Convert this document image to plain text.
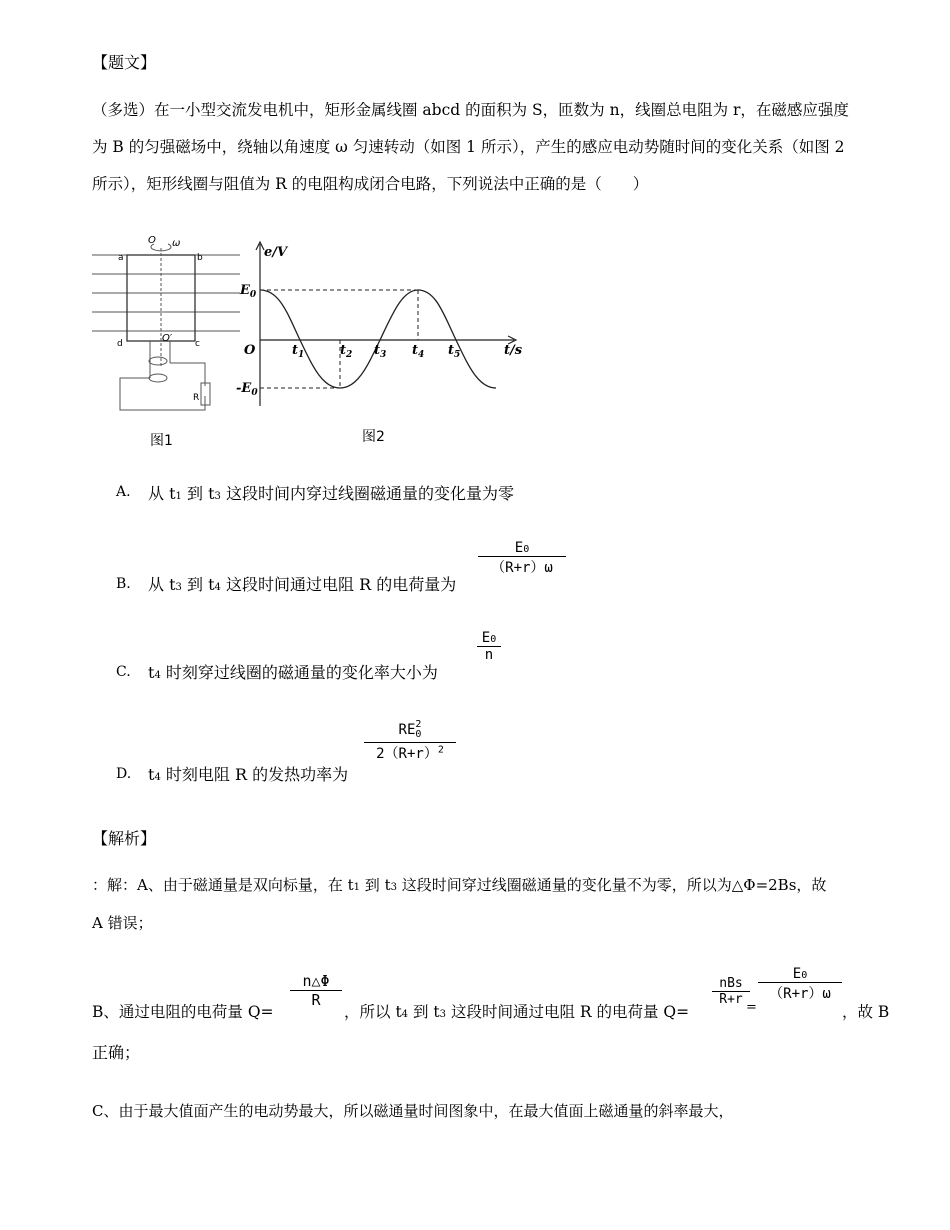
【题文】
（多选）在一小型交流发电机中，矩形金属线圈 abcd 的面积为 S，匝数为 n，线圈总电阻为 r，在磁感应强度
为 B 的匀强磁场中，绕轴以角速度 ω 匀速转动（如图 1 所示），产生的感应电动势随时间的变化关系（如图 2
所示），矩形线圈与阻值为 R 的电阻构成闭合电路，下列说法中正确的是（　　）
O ω
a	b
c
d	O′
R
图1
e/V
t/s
O
$E_0$
$-E_0$
$t_1$	$t_2$ $t_3$ $t_4$ $t_5$
图2
A. 从 t1 到 t3 这段时间内穿过线圈磁通量的变化量为零
B. 从 t3 到 t4 这段时间通过电阻 R 的电荷量为
E0
（R+r）ω
C. t4 时刻穿过线圈的磁通量的变化率大小为
E0
n
D. t4 时刻电阻 R 的发热功率为
RE 2
0
$2(R+r)^2$
【解析】
：解：A、由于磁通量是双向标量，在 t1 到 t3 这段时间穿过线圈磁通量的变化量不为零，所以为△Φ=2Bs，故
A 错误；
B、通过电阻的电荷量 Q=
n△Φ
R
，所以 t4 到 t3 这段时间通过电阻 R 的电荷量 Q=
nBs
R+r
=
E0
（R+r）ω
，故 B
正确；
C、由于最大值面产生的电动势最大，所以磁通量时间图象中，在最大值面上磁通量的斜率最大，
